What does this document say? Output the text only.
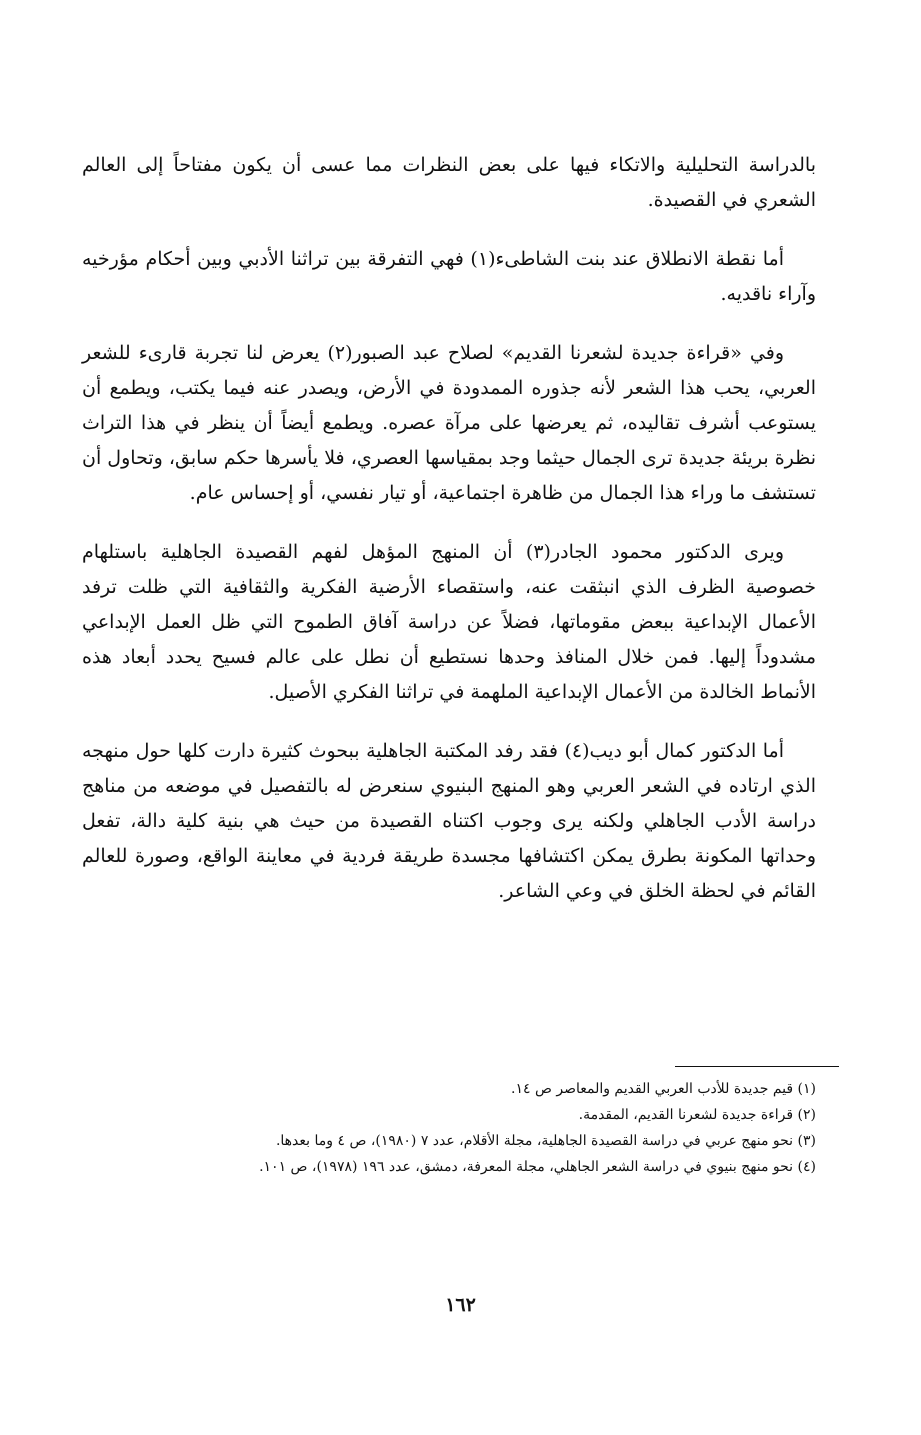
بالدراسة التحليلية والاتكاء فيها على بعض النظرات مما عسى أن يكون مفتاحاً إلى العالم الشعري في القصيدة.

أما نقطة الانطلاق عند بنت الشاطىء(١) فهي التفرقة بين تراثنا الأدبي وبين أحكام مؤرخيه وآراء ناقديه.

وفي «قراءة جديدة لشعرنا القديم» لصلاح عبد الصبور(٢) يعرض لنا تجربة قارىء للشعر العربي، يحب هذا الشعر لأنه جذوره الممدودة في الأرض، ويصدر عنه فيما يكتب، ويطمع أن يستوعب أشرف تقاليده، ثم يعرضها على مرآة عصره. ويطمع أيضاً أن ينظر في هذا التراث نظرة بريئة جديدة ترى الجمال حيثما وجد بمقياسها العصري، فلا يأسرها حكم سابق، وتحاول أن تستشف ما وراء هذا الجمال من ظاهرة اجتماعية، أو تيار نفسي، أو إحساس عام.

ويرى الدكتور محمود الجادر(٣) أن المنهج المؤهل لفهم القصيدة الجاهلية باستلهام خصوصية الظرف الذي انبثقت عنه، واستقصاء الأرضية الفكرية والثقافية التي ظلت ترفد الأعمال الإبداعية ببعض مقوماتها، فضلاً عن دراسة آفاق الطموح التي ظل العمل الإبداعي مشدوداً إليها. فمن خلال المنافذ وحدها نستطيع أن نطل على عالم فسيح يحدد أبعاد هذه الأنماط الخالدة من الأعمال الإبداعية الملهمة في تراثنا الفكري الأصيل.

أما الدكتور كمال أبو ديب(٤) فقد رفد المكتبة الجاهلية ببحوث كثيرة دارت كلها حول منهجه الذي ارتاده في الشعر العربي وهو المنهج البنيوي سنعرض له بالتفصيل في موضعه من مناهج دراسة الأدب الجاهلي ولكنه يرى وجوب اكتناه القصيدة من حيث هي بنية كلية دالة، تفعل وحداتها المكونة بطرق يمكن اكتشافها مجسدة طريقة فردية في معاينة الواقع، وصورة للعالم القائم في لحظة الخلق في وعي الشاعر.

(١) قيم جديدة للأدب العربي القديم والمعاصر ص ١٤.

(٢) قراءة جديدة لشعرنا القديم، المقدمة.

(٣) نحو منهج عربي في دراسة القصيدة الجاهلية، مجلة الأقلام، عدد ٧ (١٩٨٠)، ص ٤ وما بعدها.

(٤) نحو منهج بنيوي في دراسة الشعر الجاهلي، مجلة المعرفة، دمشق، عدد ١٩٦ (١٩٧٨)، ص ١٠١.

١٦٢
